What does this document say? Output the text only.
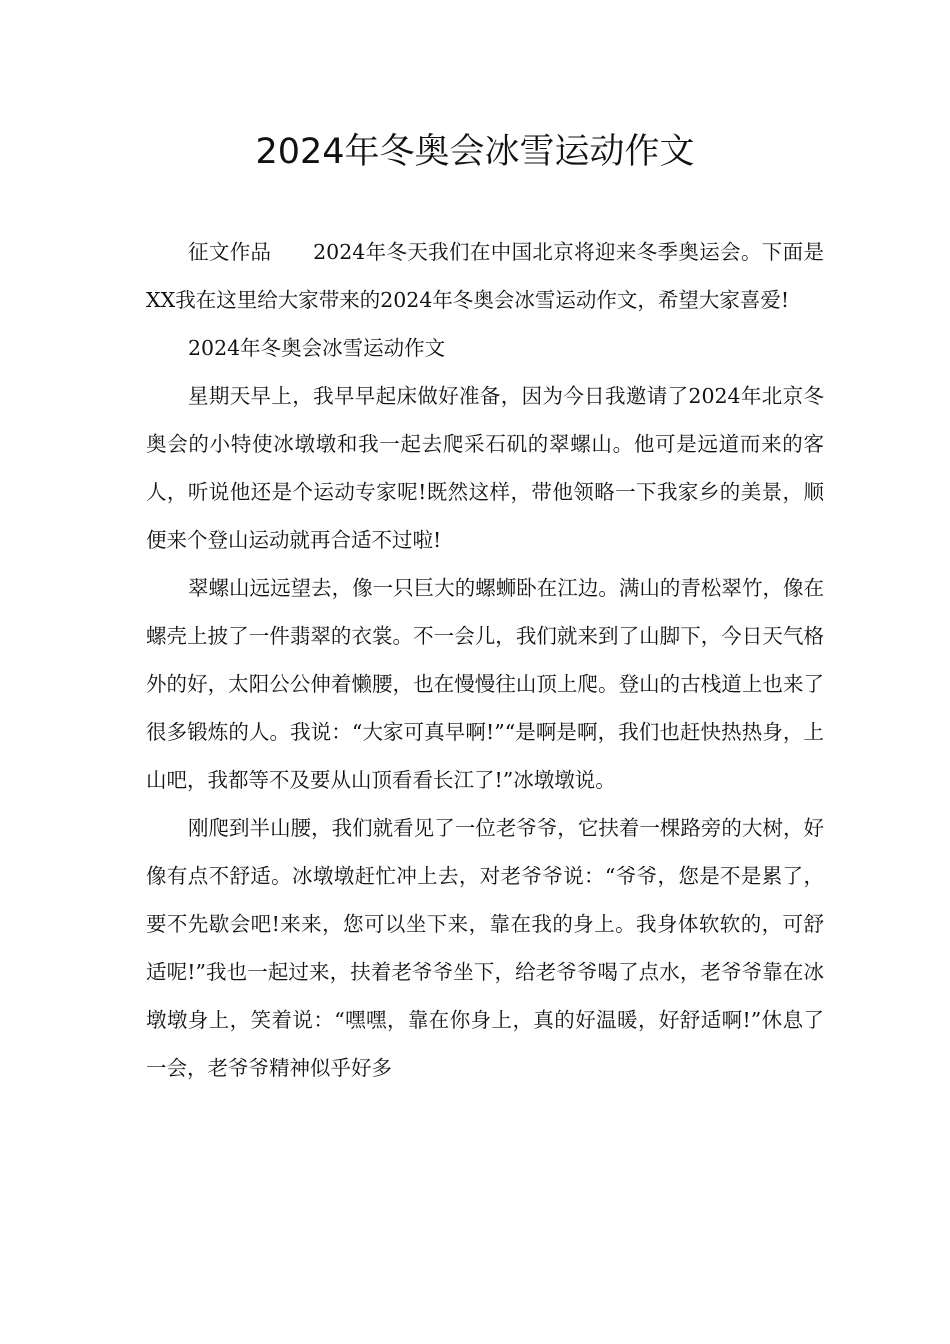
2024年冬奥会冰雪运动作文

征文作品　　2024年冬天我们在中国北京将迎来冬季奥运会。下面是XX我在这里给大家带来的2024年冬奥会冰雪运动作文，希望大家喜爱!

2024年冬奥会冰雪运动作文

星期天早上，我早早起床做好准备，因为今日我邀请了2024年北京冬奥会的小特使冰墩墩和我一起去爬采石矶的翠螺山。他可是远道而来的客人，听说他还是个运动专家呢!既然这样，带他领略一下我家乡的美景，顺便来个登山运动就再合适不过啦!

翠螺山远远望去，像一只巨大的螺蛳卧在江边。满山的青松翠竹，像在螺壳上披了一件翡翠的衣裳。不一会儿，我们就来到了山脚下，今日天气格外的好，太阳公公伸着懒腰，也在慢慢往山顶上爬。登山的古栈道上也来了很多锻炼的人。我说：“大家可真早啊!”“是啊是啊，我们也赶快热热身，上山吧，我都等不及要从山顶看看长江了!”冰墩墩说。

刚爬到半山腰，我们就看见了一位老爷爷，它扶着一棵路旁的大树，好像有点不舒适。冰墩墩赶忙冲上去，对老爷爷说：“爷爷，您是不是累了，要不先歇会吧!来来，您可以坐下来，靠在我的身上。我身体软软的，可舒适呢!”我也一起过来，扶着老爷爷坐下，给老爷爷喝了点水，老爷爷靠在冰墩墩身上，笑着说：“嘿嘿，靠在你身上，真的好温暖，好舒适啊!”休息了一会，老爷爷精神似乎好多
